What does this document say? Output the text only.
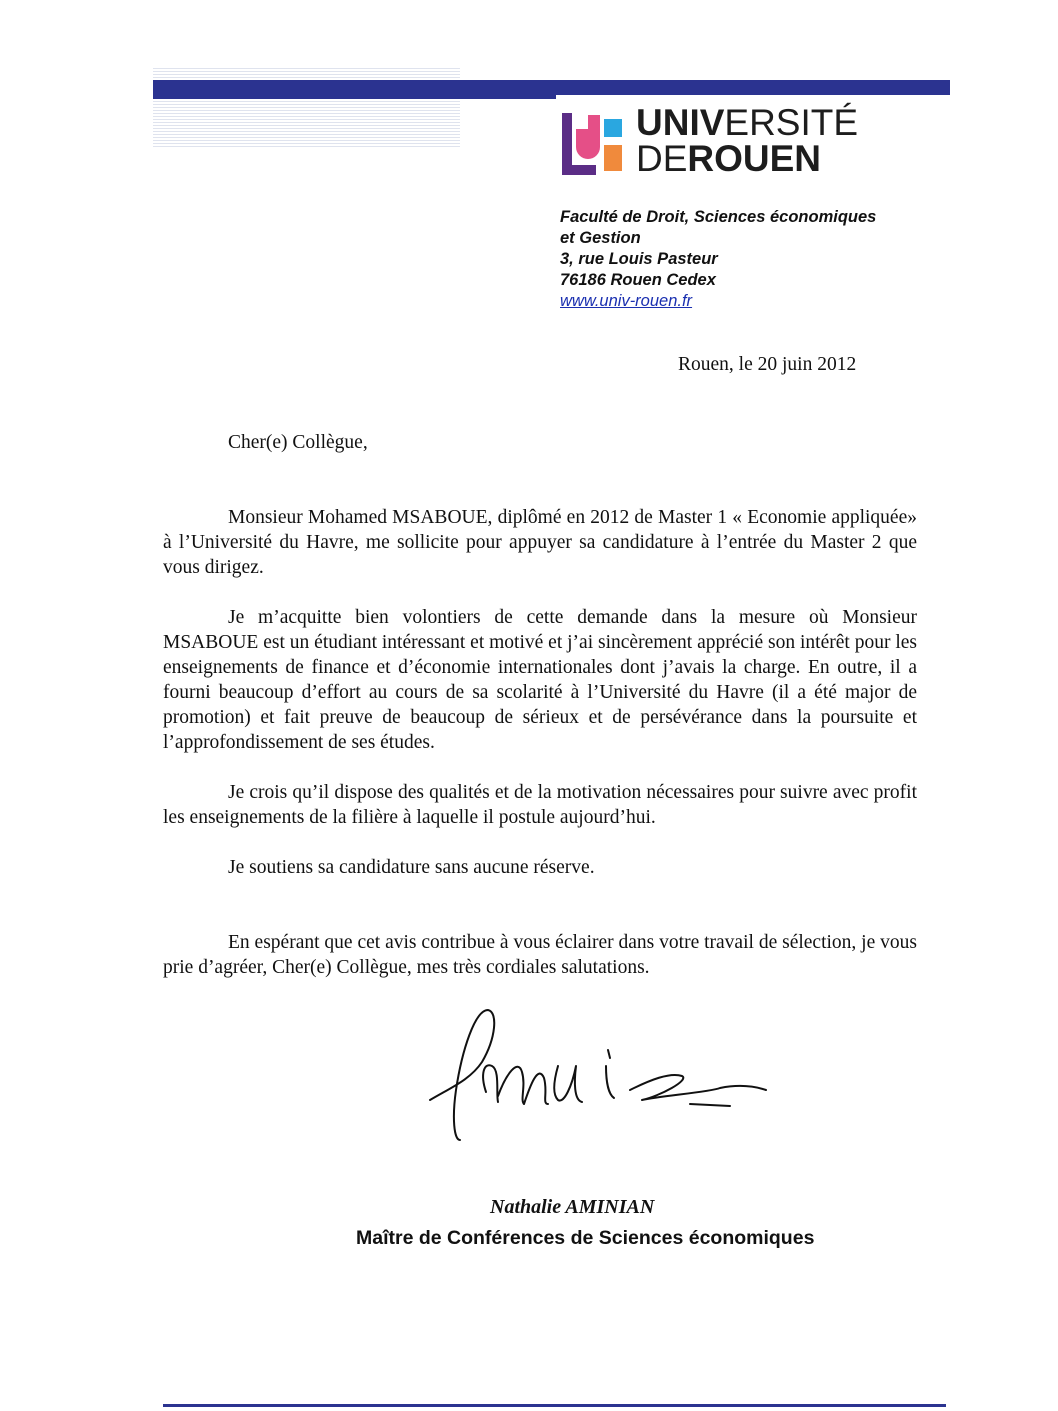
UNIVERSITÉ
DEROUEN
Faculté de Droit, Sciences économiques
et Gestion
3, rue Louis Pasteur
76186 Rouen Cedex
www.univ-rouen.fr
Rouen, le 20 juin 2012
Cher(e) Collègue,

Monsieur Mohamed MSABOUE, diplômé en 2012 de Master 1 « Economie appliquée» à l’Université du Havre, me sollicite pour appuyer sa candidature à l’entrée du Master 2 que vous dirigez.

Je m’acquitte bien volontiers de cette demande dans la mesure où Monsieur MSABOUE est un étudiant intéressant et motivé et j’ai sincèrement apprécié son intérêt pour les enseignements de finance et d’économie internationales dont j’avais la charge. En outre, il a fourni beaucoup d’effort au cours de sa scolarité à l’Université du Havre (il a été major de promotion) et fait preuve de beaucoup de sérieux et de persévérance dans la poursuite et l’approfondissement de ses études.

Je crois qu’il dispose des qualités et de la motivation nécessaires pour suivre avec profit les enseignements de la filière à laquelle il postule aujourd’hui.

Je soutiens sa candidature sans aucune réserve.

En espérant que cet avis contribue à vous éclairer dans votre travail de sélection, je vous prie d’agréer, Cher(e) Collègue, mes très cordiales salutations.

Nathalie AMINIAN
Maître de Conférences de Sciences économiques
